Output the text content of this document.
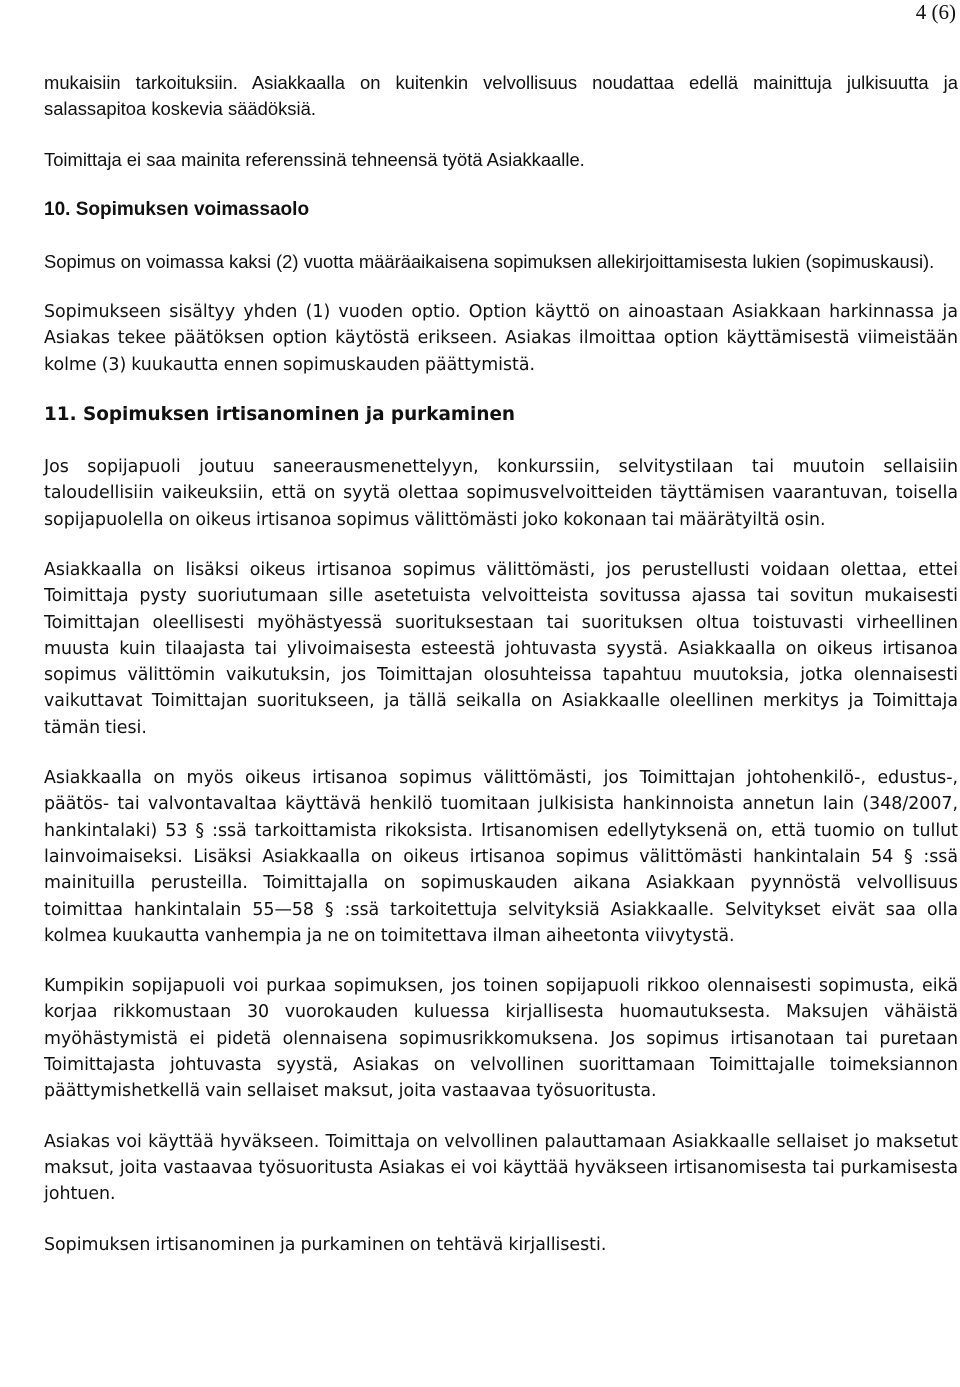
4 (6)

mukaisiin tarkoituksiin. Asiakkaalla on kuitenkin velvollisuus noudattaa edellä mainittuja julkisuutta ja salassapitoa koskevia säädöksiä.

Toimittaja ei saa mainita referenssinä tehneensä työtä Asiakkaalle.

10. Sopimuksen voimassaolo

Sopimus on voimassa kaksi (2) vuotta määräaikaisena sopimuksen allekirjoittamisesta lukien (sopimuskausi).

Sopimukseen sisältyy yhden (1) vuoden optio. Option käyttö on ainoastaan Asiakkaan harkinnassa ja Asiakas tekee päätöksen option käytöstä erikseen. Asiakas ilmoittaa option käyttämisestä viimeistään kolme (3) kuukautta ennen sopimuskauden päättymistä.

11. Sopimuksen irtisanominen ja purkaminen

Jos sopijapuoli joutuu saneerausmenettelyyn, konkurssiin, selvitystilaan tai muutoin sellaisiin taloudellisiin vaikeuksiin, että on syytä olettaa sopimusvelvoitteiden täyttämisen vaarantuvan, toisella sopijapuolella on oikeus irtisanoa sopimus välittömästi joko kokonaan tai määrätyiltä osin.

Asiakkaalla on lisäksi oikeus irtisanoa sopimus välittömästi, jos perustellusti voidaan olettaa, ettei Toimittaja pysty suoriutumaan sille asetetuista velvoitteista sovitussa ajassa tai sovitun mukaisesti Toimittajan oleellisesti myöhästyessä suorituksestaan tai suorituksen oltua toistuvasti virheellinen muusta kuin tilaajasta tai ylivoimaisesta esteestä johtuvasta syystä. Asiakkaalla on oikeus irtisanoa sopimus välittömin vaikutuksin, jos Toimittajan olosuhteissa tapahtuu muutoksia, jotka olennaisesti vaikuttavat Toimittajan suoritukseen, ja tällä seikalla on Asiakkaalle oleellinen merkitys ja Toimittaja tämän tiesi.

Asiakkaalla on myös oikeus irtisanoa sopimus välittömästi, jos Toimittajan johtohenkilö-, edustus-, päätös- tai valvontavaltaa käyttävä henkilö tuomitaan julkisista hankinnoista annetun lain (348/2007, hankintalaki) 53 § :ssä tarkoittamista rikoksista. Irtisanomisen edellytyksenä on, että tuomio on tullut lainvoimaiseksi. Lisäksi Asiakkaalla on oikeus irtisanoa sopimus välittömästi hankintalain 54 § :ssä mainituilla perusteilla. Toimittajalla on sopimuskauden aikana Asiakkaan pyynnöstä velvollisuus toimittaa hankintalain 55—58 § :ssä tarkoitettuja selvityksiä Asiakkaalle. Selvitykset eivät saa olla kolmea kuukautta vanhempia ja ne on toimitettava ilman aiheetonta viivytystä.

Kumpikin sopijapuoli voi purkaa sopimuksen, jos toinen sopijapuoli rikkoo olennaisesti sopimusta, eikä korjaa rikkomustaan 30 vuorokauden kuluessa kirjallisesta huomautuksesta. Maksujen vähäistä myöhästymistä ei pidetä olennaisena sopimusrikkomuksena. Jos sopimus irtisanotaan tai puretaan Toimittajasta johtuvasta syystä, Asiakas on velvollinen suorittamaan Toimittajalle toimeksiannon päättymishetkellä vain sellaiset maksut, joita vastaavaa työsuoritusta.

Asiakas voi käyttää hyväkseen. Toimittaja on velvollinen palauttamaan Asiakkaalle sellaiset jo maksetut maksut, joita vastaavaa työsuoritusta Asiakas ei voi käyttää hyväkseen irtisanomisesta tai purkamisesta johtuen.

Sopimuksen irtisanominen ja purkaminen on tehtävä kirjallisesti.
